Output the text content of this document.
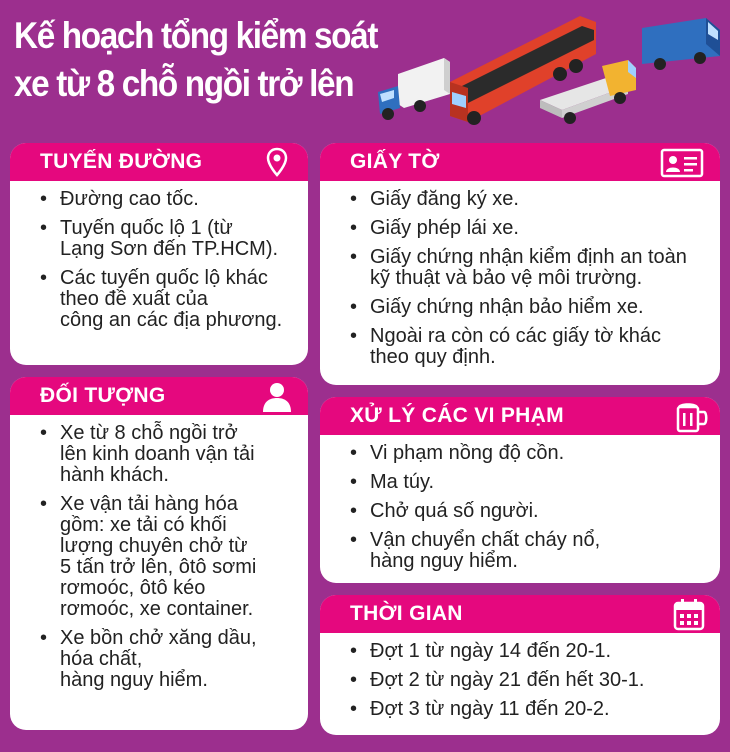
Kế hoạch tổng kiểm soát
xe từ 8 chỗ ngồi trở lên
TUYẾN ĐƯỜNG
• Đường cao tốc.
• Tuyến quốc lộ 1 (từ
Lạng Sơn đến TP.HCM).
• Các tuyến quốc lộ khác
theo đề xuất của
công an các địa phương.
ĐỐI TƯỢNG
• Xe từ 8 chỗ ngồi trở
lên kinh doanh vận tải
hành khách.
• Xe vận tải hàng hóa
gồm: xe tải có khối
lượng chuyên chở từ
5 tấn trở lên, ôtô sơmi
rơmoóc, ôtô kéo
rơmoóc, xe container.
• Xe bồn chở xăng dầu,
hóa chất,
hàng nguy hiểm.
GIẤY TỜ
• Giấy đăng ký xe.
• Giấy phép lái xe.
• Giấy chứng nhận kiểm định an toàn
kỹ thuật và bảo vệ môi trường.
• Giấy chứng nhận bảo hiểm xe.
• Ngoài ra còn có các giấy tờ khác
theo quy định.
XỬ LÝ CÁC VI PHẠM
• Vi phạm nồng độ cồn.
• Ma túy.
• Chở quá số người.
• Vận chuyển chất cháy nổ,
hàng nguy hiểm.
THỜI GIAN
• Đợt 1 từ ngày 14 đến 20-1.
• Đợt 2 từ ngày 21 đến hết 30-1.
• Đợt 3 từ ngày 11 đến 20-2.
